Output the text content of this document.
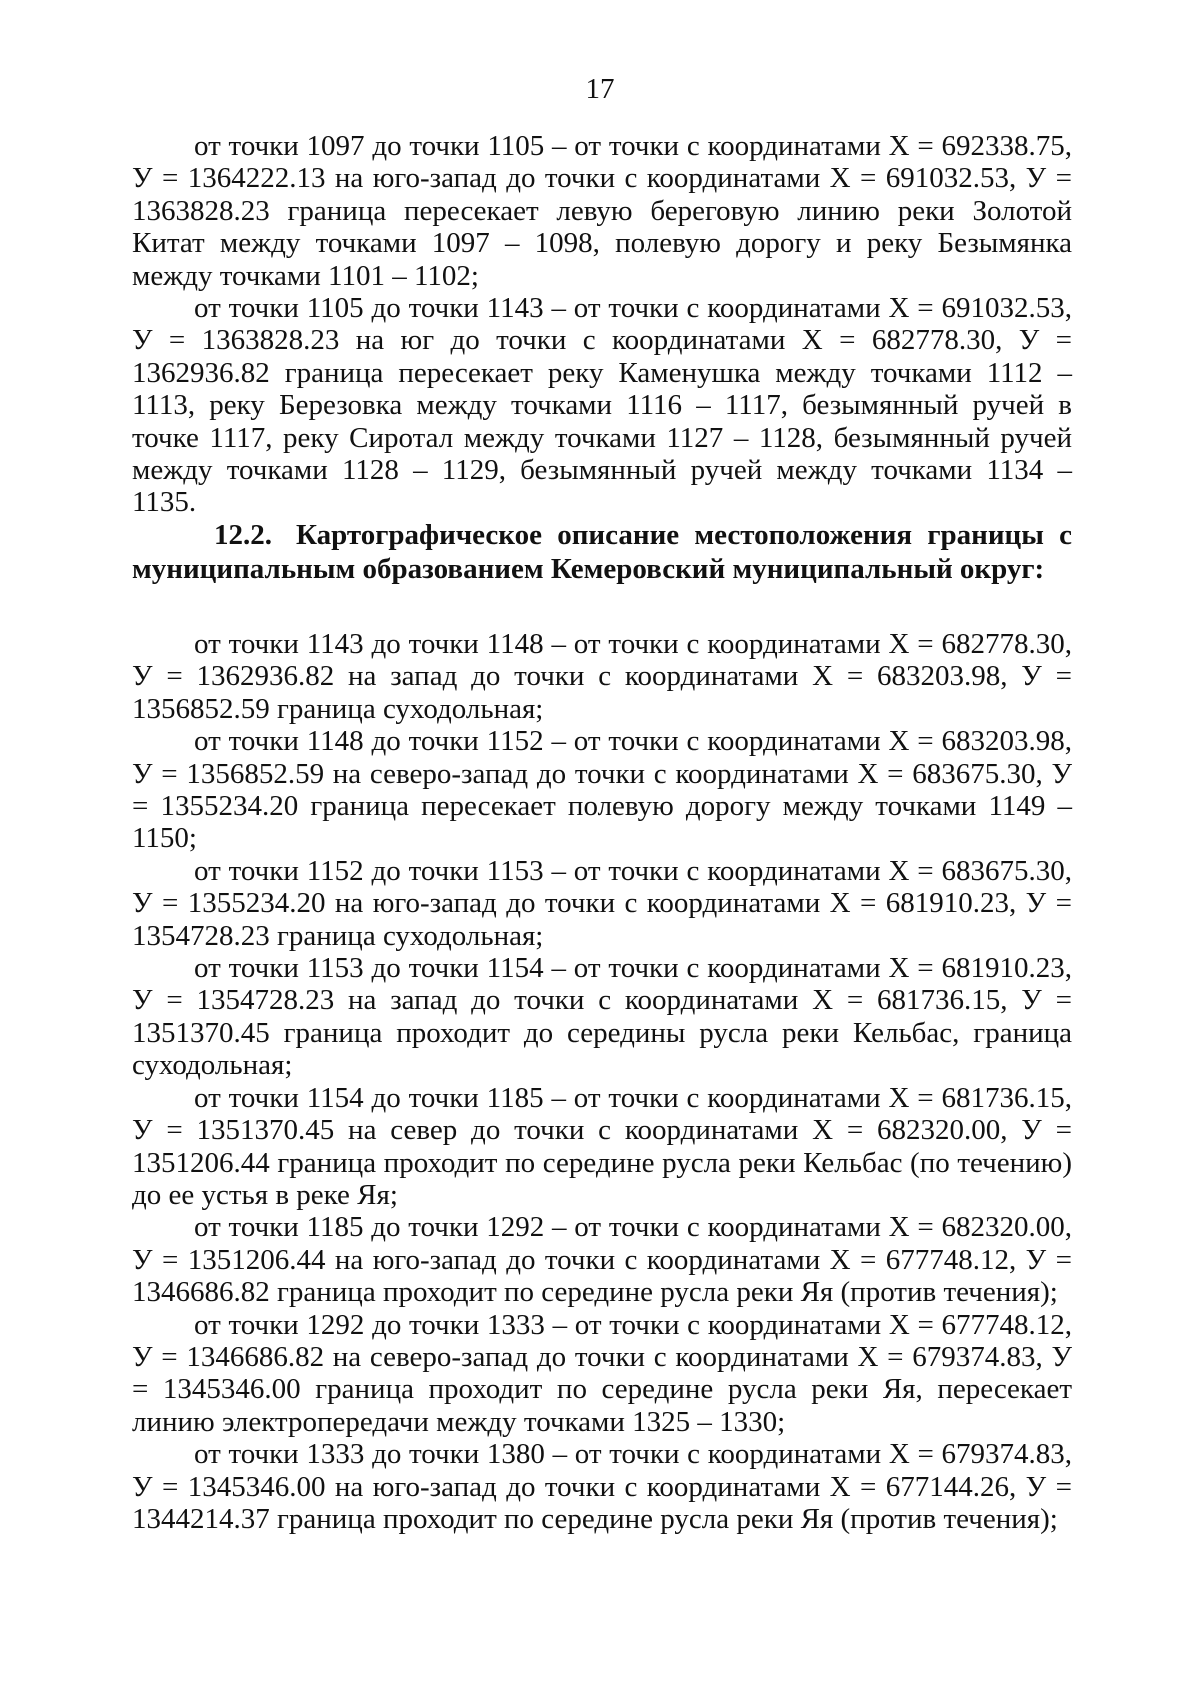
17

от точки 1097 до точки 1105 – от точки с координатами Х = 692338.75, У = 1364222.13 на юго-запад до точки с координатами Х = 691032.53, У = 1363828.23 граница пересекает левую береговую линию реки Золотой Китат между точками 1097 – 1098, полевую дорогу и реку Безымянка между точками 1101 – 1102;

от точки 1105 до точки 1143 – от точки с координатами Х = 691032.53, У = 1363828.23 на юг до точки с координатами Х = 682778.30, У = 1362936.82 граница пересекает реку Каменушка между точками 1112 – 1113, реку Березовка между точками 1116 – 1117, безымянный ручей в точке 1117, реку Сиротал между точками 1127 – 1128, безымянный ручей между точками 1128 – 1129, безымянный ручей между точками 1134 – 1135.

12.2. Картографическое описание местоположения границы с муниципальным образованием Кемеровский муниципальный округ:

от точки 1143 до точки 1148 – от точки с координатами Х = 682778.30, У = 1362936.82 на запад до точки с координатами Х = 683203.98, У = 1356852.59 граница суходольная;

от точки 1148 до точки 1152 – от точки с координатами Х = 683203.98, У = 1356852.59 на северо-запад до точки с координатами Х = 683675.30, У = 1355234.20 граница пересекает полевую дорогу между точками 1149 – 1150;

от точки 1152 до точки 1153 – от точки с координатами Х = 683675.30, У = 1355234.20 на юго-запад до точки с координатами Х = 681910.23, У = 1354728.23 граница суходольная;

от точки 1153 до точки 1154 – от точки с координатами Х = 681910.23, У = 1354728.23 на запад до точки с координатами Х = 681736.15, У = 1351370.45 граница проходит до середины русла реки Кельбас, граница суходольная;

от точки 1154 до точки 1185 – от точки с координатами Х = 681736.15, У = 1351370.45 на север до точки с координатами Х = 682320.00, У = 1351206.44 граница проходит по середине русла реки Кельбас (по течению) до ее устья в реке Яя;

от точки 1185 до точки 1292 – от точки с координатами Х = 682320.00, У = 1351206.44 на юго-запад до точки с координатами Х = 677748.12, У = 1346686.82 граница проходит по середине русла реки Яя (против течения);

от точки 1292 до точки 1333 – от точки с координатами Х = 677748.12, У = 1346686.82 на северо-запад до точки с координатами Х = 679374.83, У = 1345346.00 граница проходит по середине русла реки Яя, пересекает линию электропередачи между точками 1325 – 1330;

от точки 1333 до точки 1380 – от точки с координатами Х = 679374.83, У = 1345346.00 на юго-запад до точки с координатами Х = 677144.26, У = 1344214.37 граница проходит по середине русла реки Яя (против течения);
